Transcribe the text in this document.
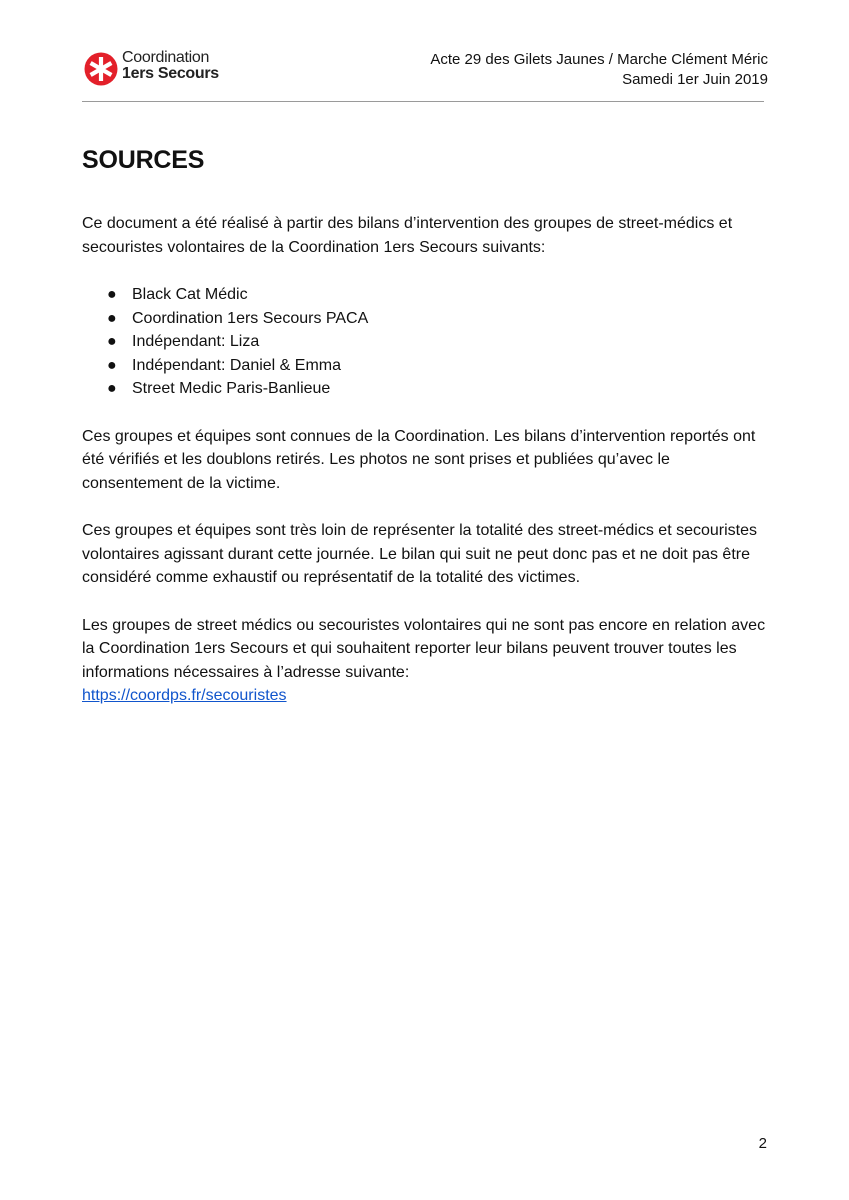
Coordination
1ers Secours
Acte 29 des Gilets Jaunes / Marche Clément Méric
Samedi 1er Juin 2019
SOURCES

Ce document a été réalisé à partir des bilans d’intervention des groupes de street-médics et secouristes volontaires de la Coordination 1ers Secours suivants:

● Black Cat Médic
● Coordination 1ers Secours PACA
● Indépendant: Liza
● Indépendant: Daniel & Emma
● Street Medic Paris-Banlieue

Ces groupes et équipes sont connues de la Coordination. Les bilans d’intervention reportés ont été vérifiés et les doublons retirés. Les photos ne sont prises et publiées qu’avec le consentement de la victime.

Ces groupes et équipes sont très loin de représenter la totalité des street-médics et secouristes volontaires agissant durant cette journée. Le bilan qui suit ne peut donc pas et ne doit pas être considéré comme exhaustif ou représentatif de la totalité des victimes.

Les groupes de street médics ou secouristes volontaires qui ne sont pas encore en relation avec la Coordination 1ers Secours et qui souhaitent reporter leur bilans peuvent trouver toutes les informations nécessaires à l’adresse suivante:
https://coordps.fr/secouristes

2
